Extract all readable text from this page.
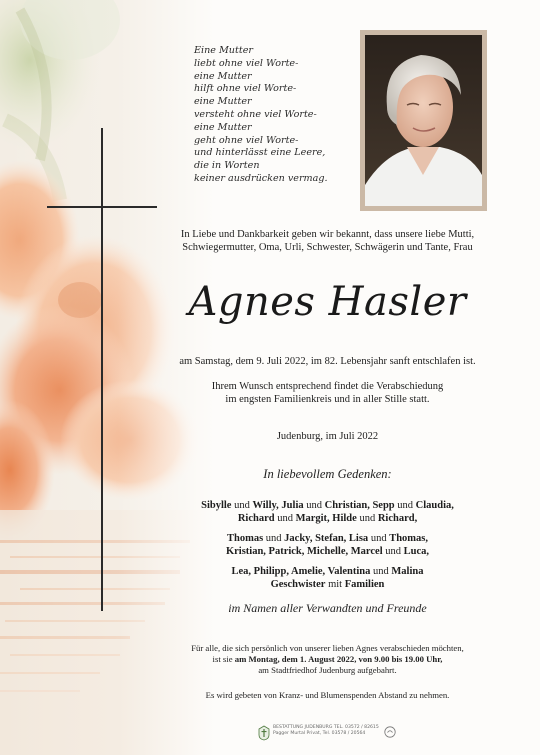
Eine Mutter
liebt ohne viel Worte-
eine Mutter
hilft ohne viel Worte-
eine Mutter
versteht ohne viel Worte-
eine Mutter
geht ohne viel Worte-
und hinterlässt eine Leere,
die in Worten
keiner ausdrücken vermag.
In Liebe und Dankbarkeit geben wir bekannt, dass unsere liebe Mutti,
Schwiegermutter, Oma, Urli, Schwester, Schwägerin und Tante, Frau
Agnes Hasler
am Samstag, dem 9. Juli 2022, im 82. Lebensjahr sanft entschlafen ist.
Ihrem Wunsch entsprechend findet die Verabschiedung
im engsten Familienkreis und in aller Stille statt.
Judenburg, im Juli 2022
In liebevollem Gedenken:
Sibylle und Willy, Julia und Christian, Sepp und Claudia,
Richard und Margit, Hilde und Richard,
Thomas und Jacky, Stefan, Lisa und Thomas,
Kristian, Patrick, Michelle, Marcel und Luca,
Lea, Philipp, Amelie, Valentina und Malina
Geschwister mit Familien
im Namen aller Verwandten und Freunde
Für alle, die sich persönlich von unserer lieben Agnes verabschieden möchten,
ist sie am Montag, dem 1. August 2022, von 9.00 bis 19.00 Uhr,
am Stadtfriedhof Judenburg aufgebahrt.
Es wird gebeten von Kranz- und Blumenspenden Abstand zu nehmen.
BESTATTUNG JUDENBURG TEL. 03572 / 82615
Pagger Murtal Privat, Tel. 03578 / 20564
